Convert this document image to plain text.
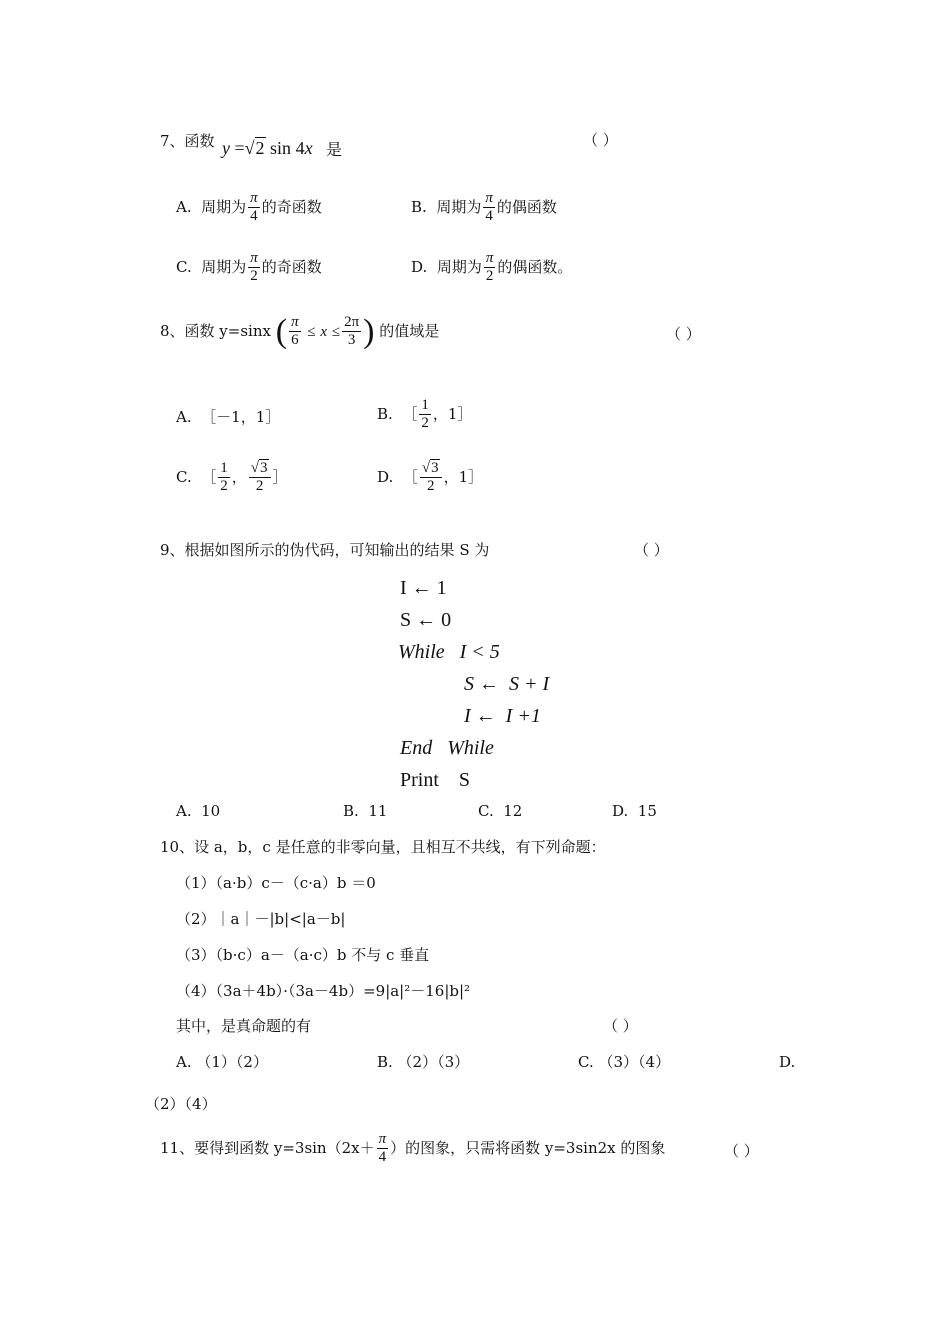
7、函数 y =√2 sin 4x 是	（ ）
A. 周期为 $\frac{\pi}{4}$ 的奇函数	B. 周期为 $\frac{\pi}{4}$ 的偶函数
C. 周期为 $\frac{\pi}{2}$ 的奇函数	D. 周期为 $\frac{\pi}{2}$ 的偶函数。
8、函数 y=sinx ( $\frac{\pi}{6} \le x \le \frac{2\pi}{3}$ ) 的值域是	（ ）
A. ［－1，1］	B. ［ $\frac{1}{2}$ ，1］
C. ［ $\frac{1}{2}$ ， $\frac{√3}{2}$ ］	D. ［ $\frac{√3}{2}$ ，1］
9、根据如图所示的伪代码，可知输出的结果 S 为	（ ）
I ← 1
S ← 0
While   I < 5
S ←  S + I
I ←  I +1
End   While
Print    S
A.  10	B.  11	C.  12	D.  15
10、设 a，b，c 是任意的非零向量，且相互不共线，有下列命题：
（1）（a·b）c－（c·a）b ＝0
（2）｜a｜－|b|<|a－b|
（3）（b·c）a－（a·c）b 不与 c 垂直
（4）（3a＋4b）·（3a－4b）=9|a|²－16|b|²
其中，是真命题的有	（ ）
A. （1）（2）	B. （2）（3）	C. （3）（4）	D.
（2）（4）
11、要得到函数 $y=3\sin(2x+ \frac{\pi}{4}$ ）的图象，只需将函数 y=3sin2x 的图象	（ ）
